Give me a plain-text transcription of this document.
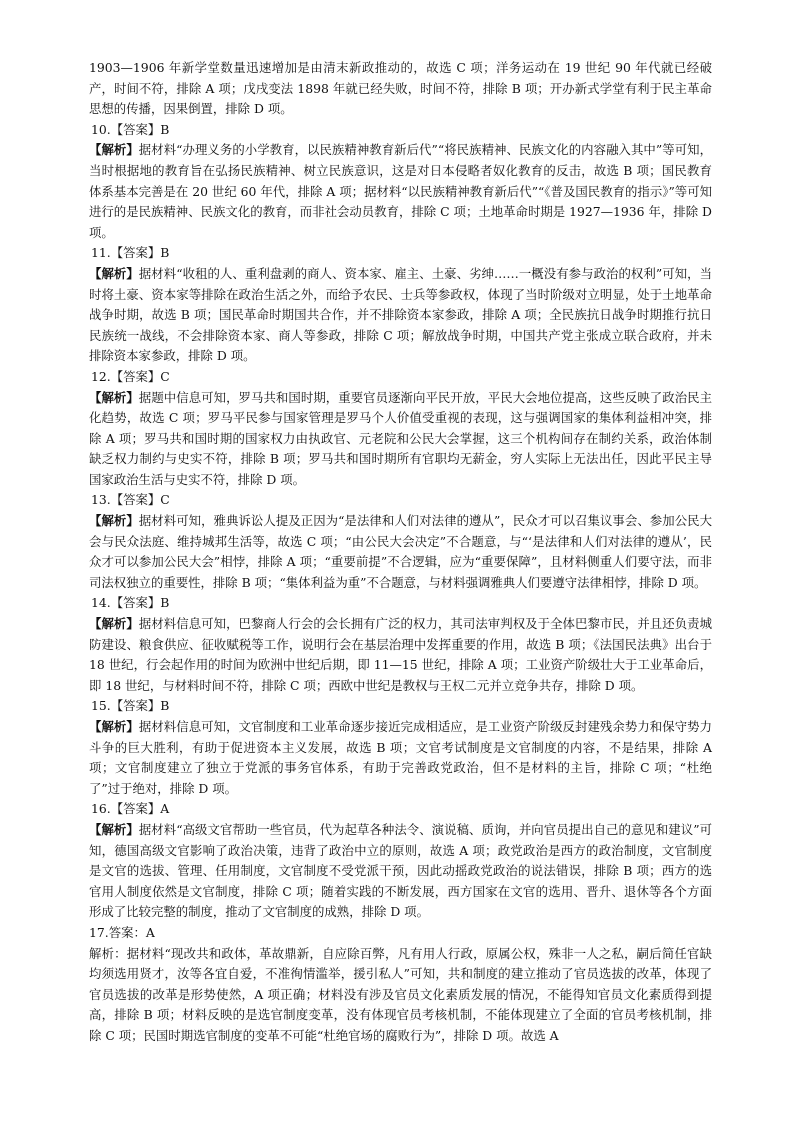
1903—1906 年新学堂数量迅速增加是由清末新政推动的，故选 C 项；洋务运动在 19 世纪 90 年代就已经破产，时间不符，排除 A 项；戊戌变法 1898 年就已经失败，时间不符，排除 B 项；开办新式学堂有利于民主革命思想的传播，因果倒置，排除 D 项。

10.【答案】B

【解析】据材料“办理义务的小学教育，以民族精神教育新后代”“将民族精神、民族文化的内容融入其中”等可知，当时根据地的教育旨在弘扬民族精神、树立民族意识，这是对日本侵略者奴化教育的反击，故选 B 项；国民教育体系基本完善是在 20 世纪 60 年代，排除 A 项；据材料“以民族精神教育新后代”“《普及国民教育的指示》”等可知进行的是民族精神、民族文化的教育，而非社会动员教育，排除 C 项；土地革命时期是 1927—1936 年，排除 D 项。

11.【答案】B

【解析】据材料“收租的人、重利盘剥的商人、资本家、雇主、土豪、劣绅……一概没有参与政治的权利”可知，当时将土豪、资本家等排除在政治生活之外，而给予农民、士兵等参政权，体现了当时阶级对立明显，处于土地革命战争时期，故选 B 项；国民革命时期国共合作，并不排除资本家参政，排除 A 项；全民族抗日战争时期推行抗日民族统一战线，不会排除资本家、商人等参政，排除 C 项；解放战争时期，中国共产党主张成立联合政府，并未排除资本家参政，排除 D 项。

12.【答案】C

【解析】据题中信息可知，罗马共和国时期，重要官员逐渐向平民开放，平民大会地位提高，这些反映了政治民主化趋势，故选 C 项；罗马平民参与国家管理是罗马个人价值受重视的表现，这与强调国家的集体利益相冲突，排除 A 项；罗马共和国时期的国家权力由执政官、元老院和公民大会掌握，这三个机构间存在制约关系，政治体制缺乏权力制约与史实不符，排除 B 项；罗马共和国时期所有官职均无薪金，穷人实际上无法出任，因此平民主导国家政治生活与史实不符，排除 D 项。

13.【答案】C

【解析】据材料可知，雅典诉讼人提及正因为“是法律和人们对法律的遵从”，民众才可以召集议事会、参加公民大会与民众法庭、维持城邦生活等，故选 C 项；“由公民大会决定”不合题意，与“‘是法律和人们对法律的遵从’，民众才可以参加公民大会”相悖，排除 A 项；“重要前提”不合逻辑，应为“重要保障”，且材料侧重人们要守法，而非司法权独立的重要性，排除 B 项；“集体利益为重”不合题意，与材料强调雅典人们要遵守法律相悖，排除 D 项。

14.【答案】B

【解析】据材料信息可知，巴黎商人行会的会长拥有广泛的权力，其司法审判权及于全体巴黎市民，并且还负责城防建设、粮食供应、征收赋税等工作，说明行会在基层治理中发挥重要的作用，故选 B 项；《法国民法典》出台于 18 世纪，行会起作用的时间为欧洲中世纪后期，即 11—15 世纪，排除 A 项；工业资产阶级壮大于工业革命后，即 18 世纪，与材料时间不符，排除 C 项；西欧中世纪是教权与王权二元并立竞争共存，排除 D 项。

15.【答案】B

【解析】据材料信息可知，文官制度和工业革命逐步接近完成相适应，是工业资产阶级反封建残余势力和保守势力斗争的巨大胜利，有助于促进资本主义发展，故选 B 项；文官考试制度是文官制度的内容，不是结果，排除 A 项；文官制度建立了独立于党派的事务官体系，有助于完善政党政治，但不是材料的主旨，排除 C 项；“杜绝了”过于绝对，排除 D 项。

16.【答案】A

【解析】据材料“高级文官帮助一些官员，代为起草各种法令、演说稿、质询，并向官员提出自己的意见和建议”可知，德国高级文官影响了政治决策，违背了政治中立的原则，故选 A 项；政党政治是西方的政治制度，文官制度是文官的选拔、管理、任用制度，文官制度不受党派干预，因此动摇政党政治的说法错误，排除 B 项；西方的选官用人制度依然是文官制度，排除 C 项；随着实践的不断发展，西方国家在文官的选用、晋升、退休等各个方面形成了比较完整的制度，推动了文官制度的成熟，排除 D 项。

17.答案：A

解析：据材料“现改共和政体，革故鼎新，自应除百弊，凡有用人行政，原属公权，殊非一人之私，嗣后简任官缺均须选用贤才，汝等各宜自爱，不准徇情滥举，援引私人”可知，共和制度的建立推动了官员选拔的改革，体现了官员选拔的改革是形势使然，A 项正确；材料没有涉及官员文化素质发展的情况，不能得知官员文化素质得到提高，排除 B 项；材料反映的是选官制度变革，没有体现官员考核机制，不能体现建立了全面的官员考核机制，排除 C 项；民国时期选官制度的变革不可能“杜绝官场的腐败行为”，排除 D 项。故选 A
